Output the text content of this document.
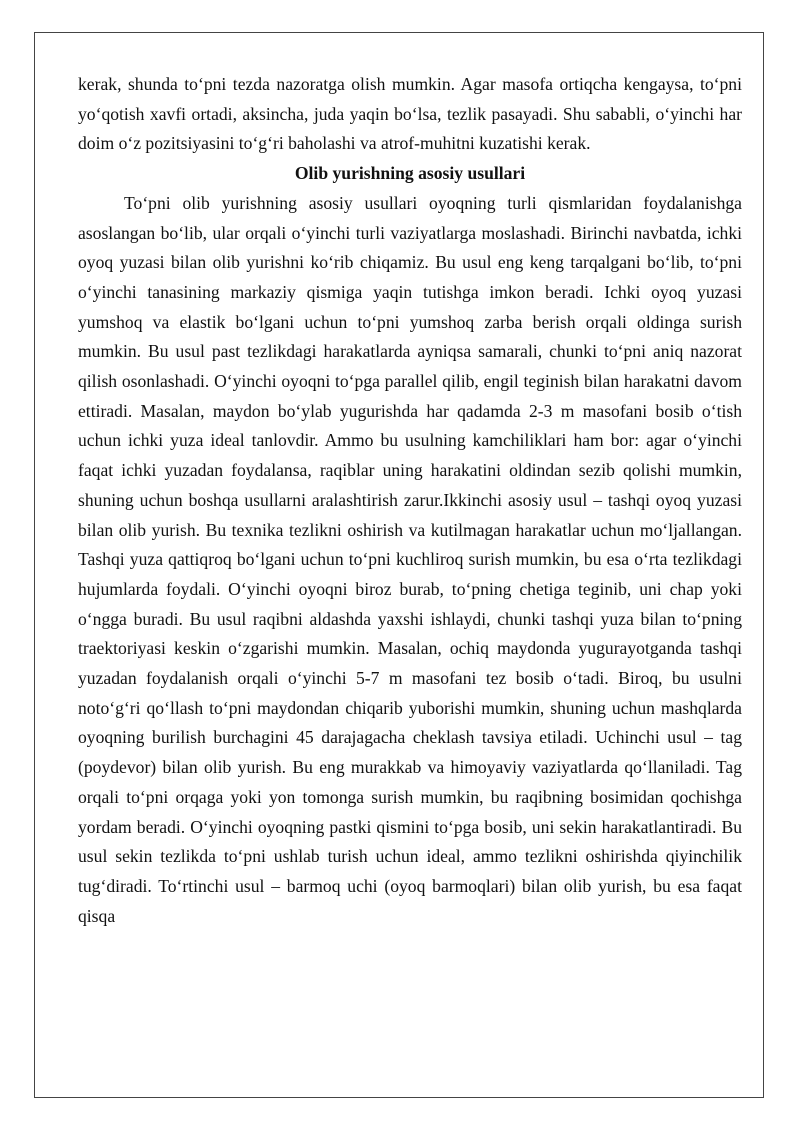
kerak, shunda to‘pni tezda nazoratga olish mumkin. Agar masofa ortiqcha kengaysa, to‘pni yo‘qotish xavfi ortadi, aksincha, juda yaqin bo‘lsa, tezlik pasayadi. Shu sababli, o‘yinchi har doim o‘z pozitsiyasini to‘g‘ri baholashi va atrof-muhitni kuzatishi kerak.

Olib yurishning asosiy usullari

To‘pni olib yurishning asosiy usullari oyoqning turli qismlaridan foydalanishga asoslangan bo‘lib, ular orqali o‘yinchi turli vaziyatlarga moslashadi. Birinchi navbatda, ichki oyoq yuzasi bilan olib yurishni ko‘rib chiqamiz. Bu usul eng keng tarqalgani bo‘lib, to‘pni o‘yinchi tanasining markaziy qismiga yaqin tutishga imkon beradi. Ichki oyoq yuzasi yumshoq va elastik bo‘lgani uchun to‘pni yumshoq zarba berish orqali oldinga surish mumkin. Bu usul past tezlikdagi harakatlarda ayniqsa samarali, chunki to‘pni aniq nazorat qilish osonlashadi. O‘yinchi oyoqni to‘pga parallel qilib, engil teginish bilan harakatni davom ettiradi. Masalan, maydon bo‘ylab yugurishda har qadamda 2-3 m masofani bosib o‘tish uchun ichki yuza ideal tanlovdir. Ammo bu usulning kamchiliklari ham bor: agar o‘yinchi faqat ichki yuzadan foydalansa, raqiblar uning harakatini oldindan sezib qolishi mumkin, shuning uchun boshqa usullarni aralashtirish zarur.Ikkinchi asosiy usul – tashqi oyoq yuzasi bilan olib yurish. Bu texnika tezlikni oshirish va kutilmagan harakatlar uchun mo‘ljallangan. Tashqi yuza qattiqroq bo‘lgani uchun to‘pni kuchliroq surish mumkin, bu esa o‘rta tezlikdagi hujumlarda foydali. O‘yinchi oyoqni biroz burab, to‘pning chetiga teginib, uni chap yoki o‘ngga buradi. Bu usul raqibni aldashda yaxshi ishlaydi, chunki tashqi yuza bilan to‘pning traektoriyasi keskin o‘zgarishi mumkin. Masalan, ochiq maydonda yugurayotganda tashqi yuzadan foydalanish orqali o‘yinchi 5-7 m masofani tez bosib o‘tadi. Biroq, bu usulni noto‘g‘ri qo‘llash to‘pni maydondan chiqarib yuborishi mumkin, shuning uchun mashqlarda oyoqning burilish burchagini 45 darajagacha cheklash tavsiya etiladi. Uchinchi usul – tag (poydevor) bilan olib yurish. Bu eng murakkab va himoyaviy vaziyatlarda qo‘llaniladi. Tag orqali to‘pni orqaga yoki yon tomonga surish mumkin, bu raqibning bosimidan qochishga yordam beradi. O‘yinchi oyoqning pastki qismini to‘pga bosib, uni sekin harakatlantiradi. Bu usul sekin tezlikda to‘pni ushlab turish uchun ideal, ammo tezlikni oshirishda qiyinchilik tug‘diradi. To‘rtinchi usul – barmoq uchi (oyoq barmoqlari) bilan olib yurish, bu esa faqat qisqa
